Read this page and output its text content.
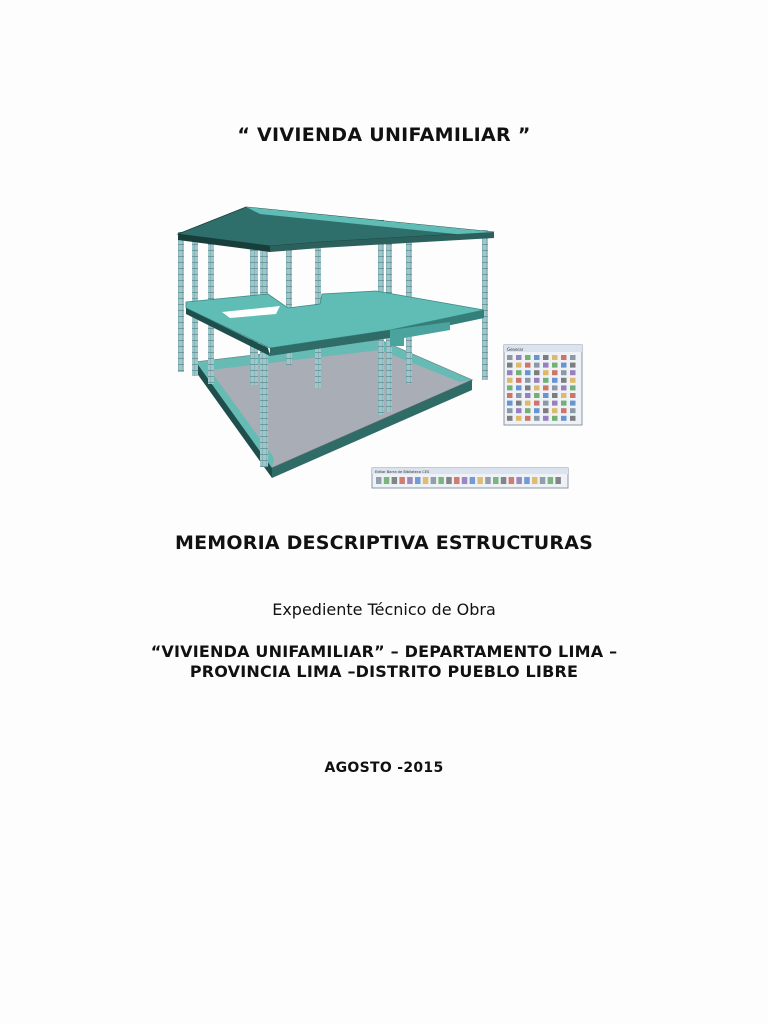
“ VIVIENDA UNIFAMILIAR ”
Generar
Editar Barra de Biblioteca CES
MEMORIA DESCRIPTIVA ESTRUCTURAS
Expediente Técnico de Obra
“VIVIENDA UNIFAMILIAR” – DEPARTAMENTO LIMA –
PROVINCIA LIMA –DISTRITO PUEBLO LIBRE
AGOSTO -2015
